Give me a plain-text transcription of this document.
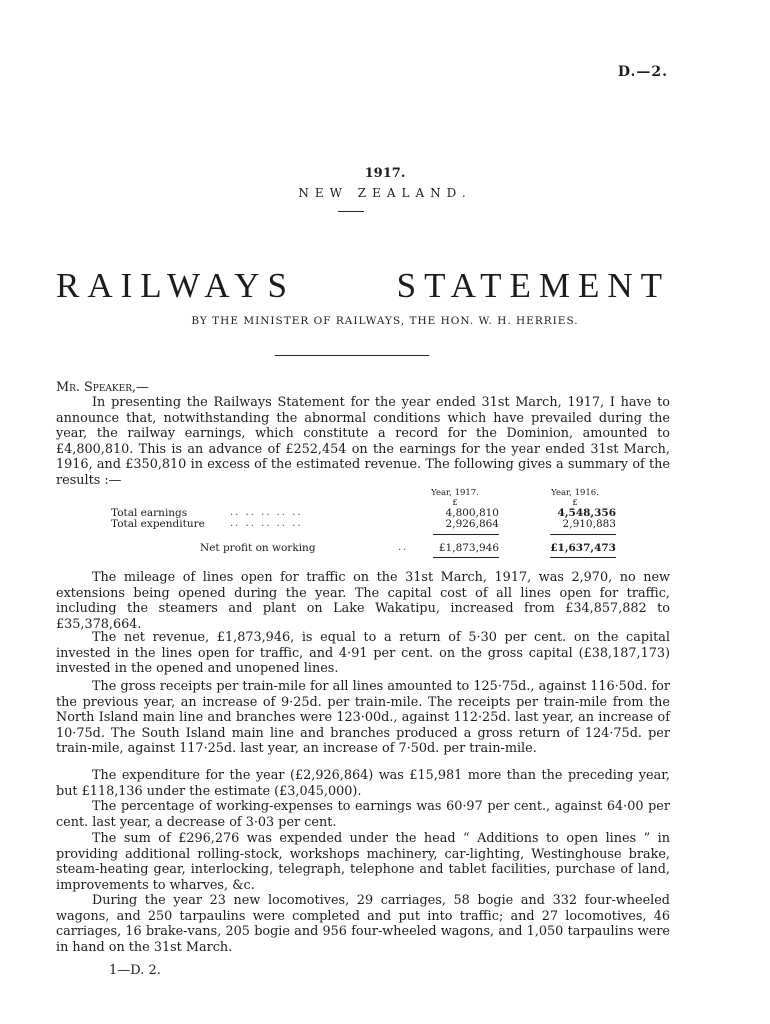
D.—2.
1917.
NEW ZEALAND.
RAILWAYS	STATEMENT
BY THE MINISTER OF RAILWAYS, THE HON. W. H. HERRIES.
Mr. Speaker,—
In presenting the Railways Statement for the year ended 31st March, 1917, I have to announce that, notwithstanding the abnormal conditions which have prevailed during the year, the railway earnings, which constitute a record for the Dominion, amounted to £4,800,810. This is an advance of £252,454 on the earnings for the year ended 31st March, 1916, and £350,810 in excess of the estimated revenue. The following gives a summary of the results :—
Year, 1917.
£
Year, 1916.
£
Total earnings	.. .. .. .. ..	4,800,810	4,548,356
Total expenditure	.. .. .. .. ..	2,926,864	2,910,883
Net profit on working	..	£1,873,946	£1,637,473
The mileage of lines open for traffic on the 31st March, 1917, was 2,970, no new extensions being opened during the year. The capital cost of all lines open for traffic, including the steamers and plant on Lake Wakatipu, increased from £34,857,882 to £35,378,664.
The net revenue, £1,873,946, is equal to a return of 5·30 per cent. on the capital invested in the lines open for traffic, and 4·91 per cent. on the gross capital (£38,187,173) invested in the opened and unopened lines.
The gross receipts per train-mile for all lines amounted to 125·75d., against 116·50d. for the previous year, an increase of 9·25d. per train-mile. The receipts per train-mile from the North Island main line and branches were 123·00d., against 112·25d. last year, an increase of 10·75d. The South Island main line and branches produced a gross return of 124·75d. per train-mile, against 117·25d. last year, an increase of 7·50d. per train-mile.
The expenditure for the year (£2,926,864) was £15,981 more than the preceding year, but £118,136 under the estimate (£3,045,000).
The percentage of working-expenses to earnings was 60·97 per cent., against 64·00 per cent. last year, a decrease of 3·03 per cent.
The sum of £296,276 was expended under the head “ Additions to open lines ” in providing additional rolling-stock, workshops machinery, car-lighting, Westinghouse brake, steam-heating gear, interlocking, telegraph, telephone and tablet facilities, purchase of land, improvements to wharves, &c.
During the year 23 new locomotives, 29 carriages, 58 bogie and 332 four-wheeled wagons, and 250 tarpaulins were completed and put into traffic; and 27 locomotives, 46 carriages, 16 brake-vans, 205 bogie and 956 four-wheeled wagons, and 1,050 tarpaulins were in hand on the 31st March.
1—D. 2.
